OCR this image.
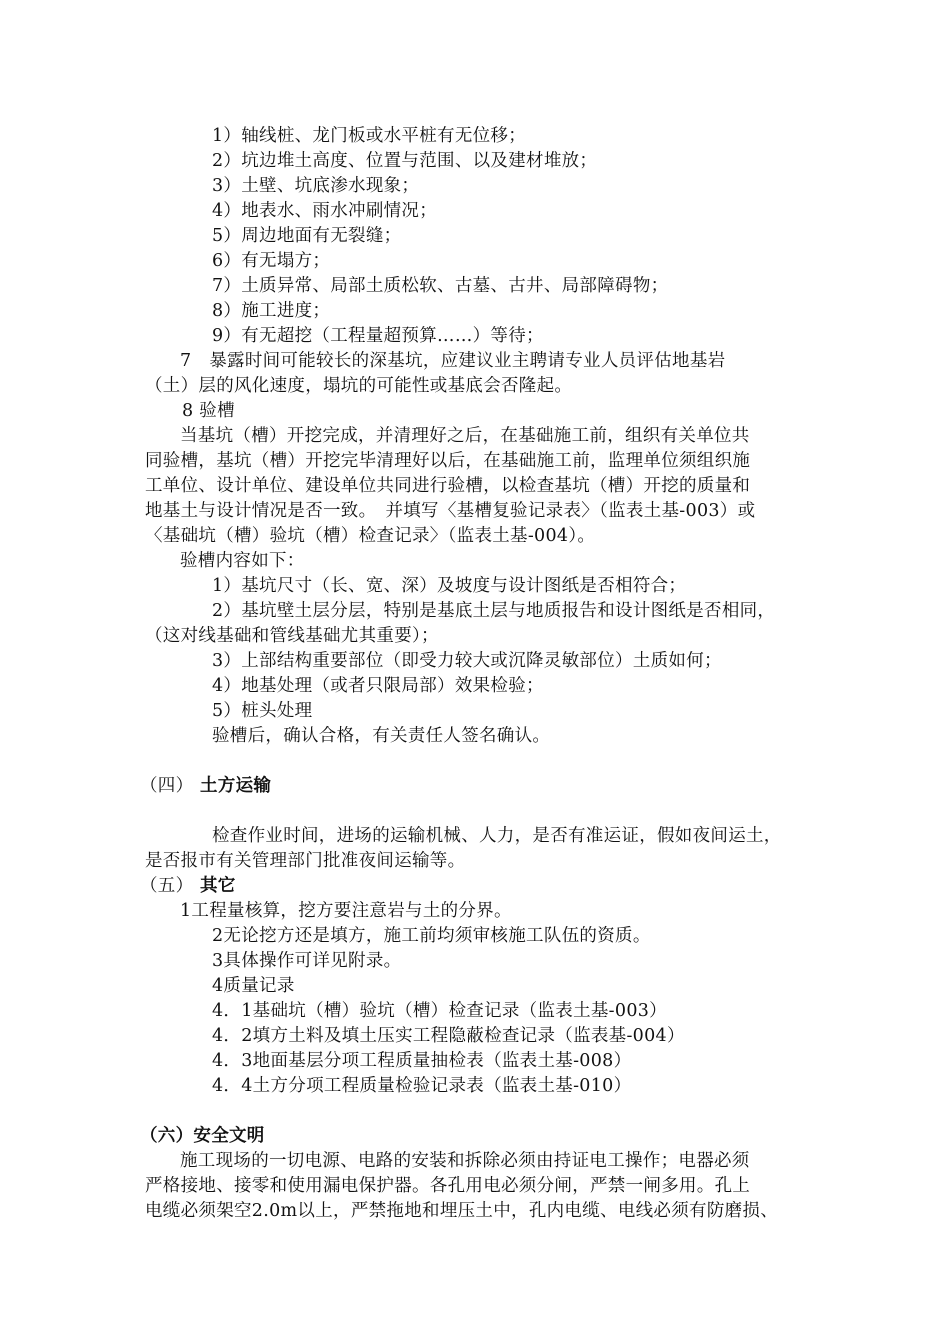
1）轴线桩、龙门板或水平桩有无位移；
2）坑边堆土高度、位置与范围、以及建材堆放；
3）土壁、坑底渗水现象；
4）地表水、雨水冲刷情况；
5）周边地面有无裂缝；
6）有无塌方；
7）土质异常、局部土质松软、古墓、古井、局部障碍物；
8）施工进度；
9）有无超挖（工程量超预算……）等待；
7　暴露时间可能较长的深基坑，应建议业主聘请专业人员评估地基岩
（土）层的风化速度，塌坑的可能性或基底会否隆起。
8 验槽
当基坑（槽）开挖完成，并清理好之后，在基础施工前，组织有关单位共
同验槽，基坑（槽）开挖完毕清理好以后，在基础施工前，监理单位须组织施
工单位、设计单位、建设单位共同进行验槽，以检查基坑（槽）开挖的质量和
地基土与设计情况是否一致。　并填写〈基槽复验记录表〉（监表土基-003）或
〈基础坑（槽）验坑（槽）检查记录〉（监表土基-004）。
验槽内容如下：
1）基坑尺寸（长、宽、深）及坡度与设计图纸是否相符合；
2）基坑壁土层分层，特别是基底土层与地质报告和设计图纸是否相同，
（这对线基础和管线基础尤其重要）；
3）上部结构重要部位（即受力较大或沉降灵敏部位）土质如何；
4）地基处理（或者只限局部）效果检验；
5）桩头处理
验槽后，确认合格，有关责任人签名确认。
（四） 土方运输
检查作业时间，进场的运输机械、人力，是否有准运证，假如夜间运土，
是否报市有关管理部门批准夜间运输等。
（五） 其它
1工程量核算，挖方要注意岩与土的分界。
2无论挖方还是填方，施工前均须审核施工队伍的资质。
3具体操作可详见附录。
4质量记录
4．1基础坑（槽）验坑（槽）检查记录（监表土基-003）
4．2填方土料及填土压实工程隐蔽检查记录（监表基-004）
4．3地面基层分项工程质量抽检表（监表土基-008）
4．4土方分项工程质量检验记录表（监表土基-010）
（六）安全文明
施工现场的一切电源、电路的安装和拆除必须由持证电工操作；电器必须
严格接地、接零和使用漏电保护器。各孔用电必须分闸，严禁一闸多用。孔上
电缆必须架空2.0m以上，严禁拖地和埋压土中，孔内电缆、电线必须有防磨损、
